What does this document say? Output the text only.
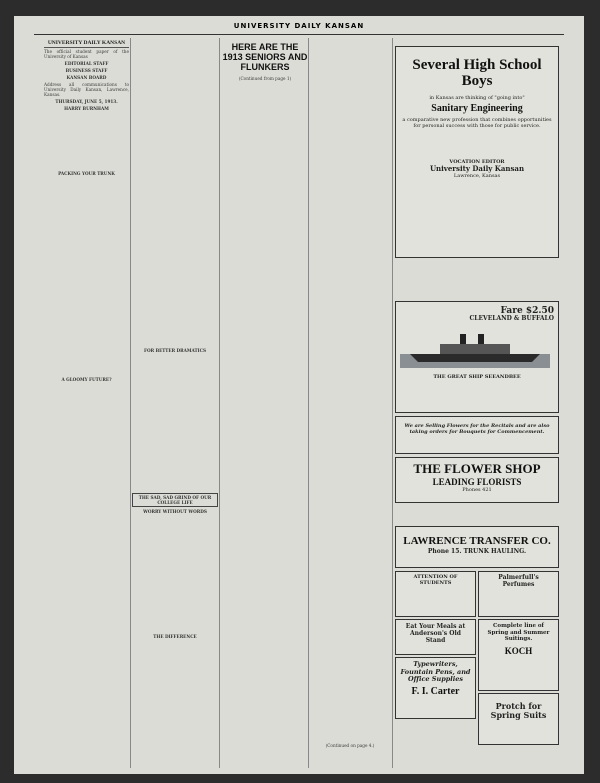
UNIVERSITY DAILY KANSAN
UNIVERSITY DAILY KANSAN

The official student paper of the University of Kansas

EDITORIAL STAFF
BUSINESS STAFF
KANSAN BOARD

Address all communications to University Daily Kansan, Lawrence, Kansas.

THURSDAY, JUNE 5, 1913.
HARRY BURNHAM
PACKING YOUR TRUNK
A GLOOMY FUTURE?
FOR BETTER DRAMATICS
THE SAD, SAD GRIND OF OUR COLLEGE LIFE
WORRY WITHOUT WORDS
THE DIFFERENCE
HERE ARE THE 1913 SENIORS AND FLUNKERS

(Continued from page 1)

(Continued on page 4.)

Several High School Boys
in Kansas are thinking of "going into"
Sanitary Engineering
a comparative new profession that combines opportunities for personal success with those for public service.
VOCATION EDITOR
University Daily Kansan
Lawrence, Kansas
Fare $2.50
CLEVELAND & BUFFALO
THE GREAT SHIP SEEANDBEE
We are Selling Flowers for the Recitals and are also taking orders for Bouquets for Commencement.
THE FLOWER SHOP
LEADING FLORISTS
Phones 421
LAWRENCE TRANSFER CO.
Phone 15. TRUNK HAULING.
ATTENTION OF STUDENTS
Palmerfull's Perfumes
Eat Your Meals at Anderson's Old Stand
Complete line of Spring and Summer Suitings.
KOCH
Typewriters, Fountain Pens, and Office Supplies
F. I. Carter
Protch for Spring Suits
